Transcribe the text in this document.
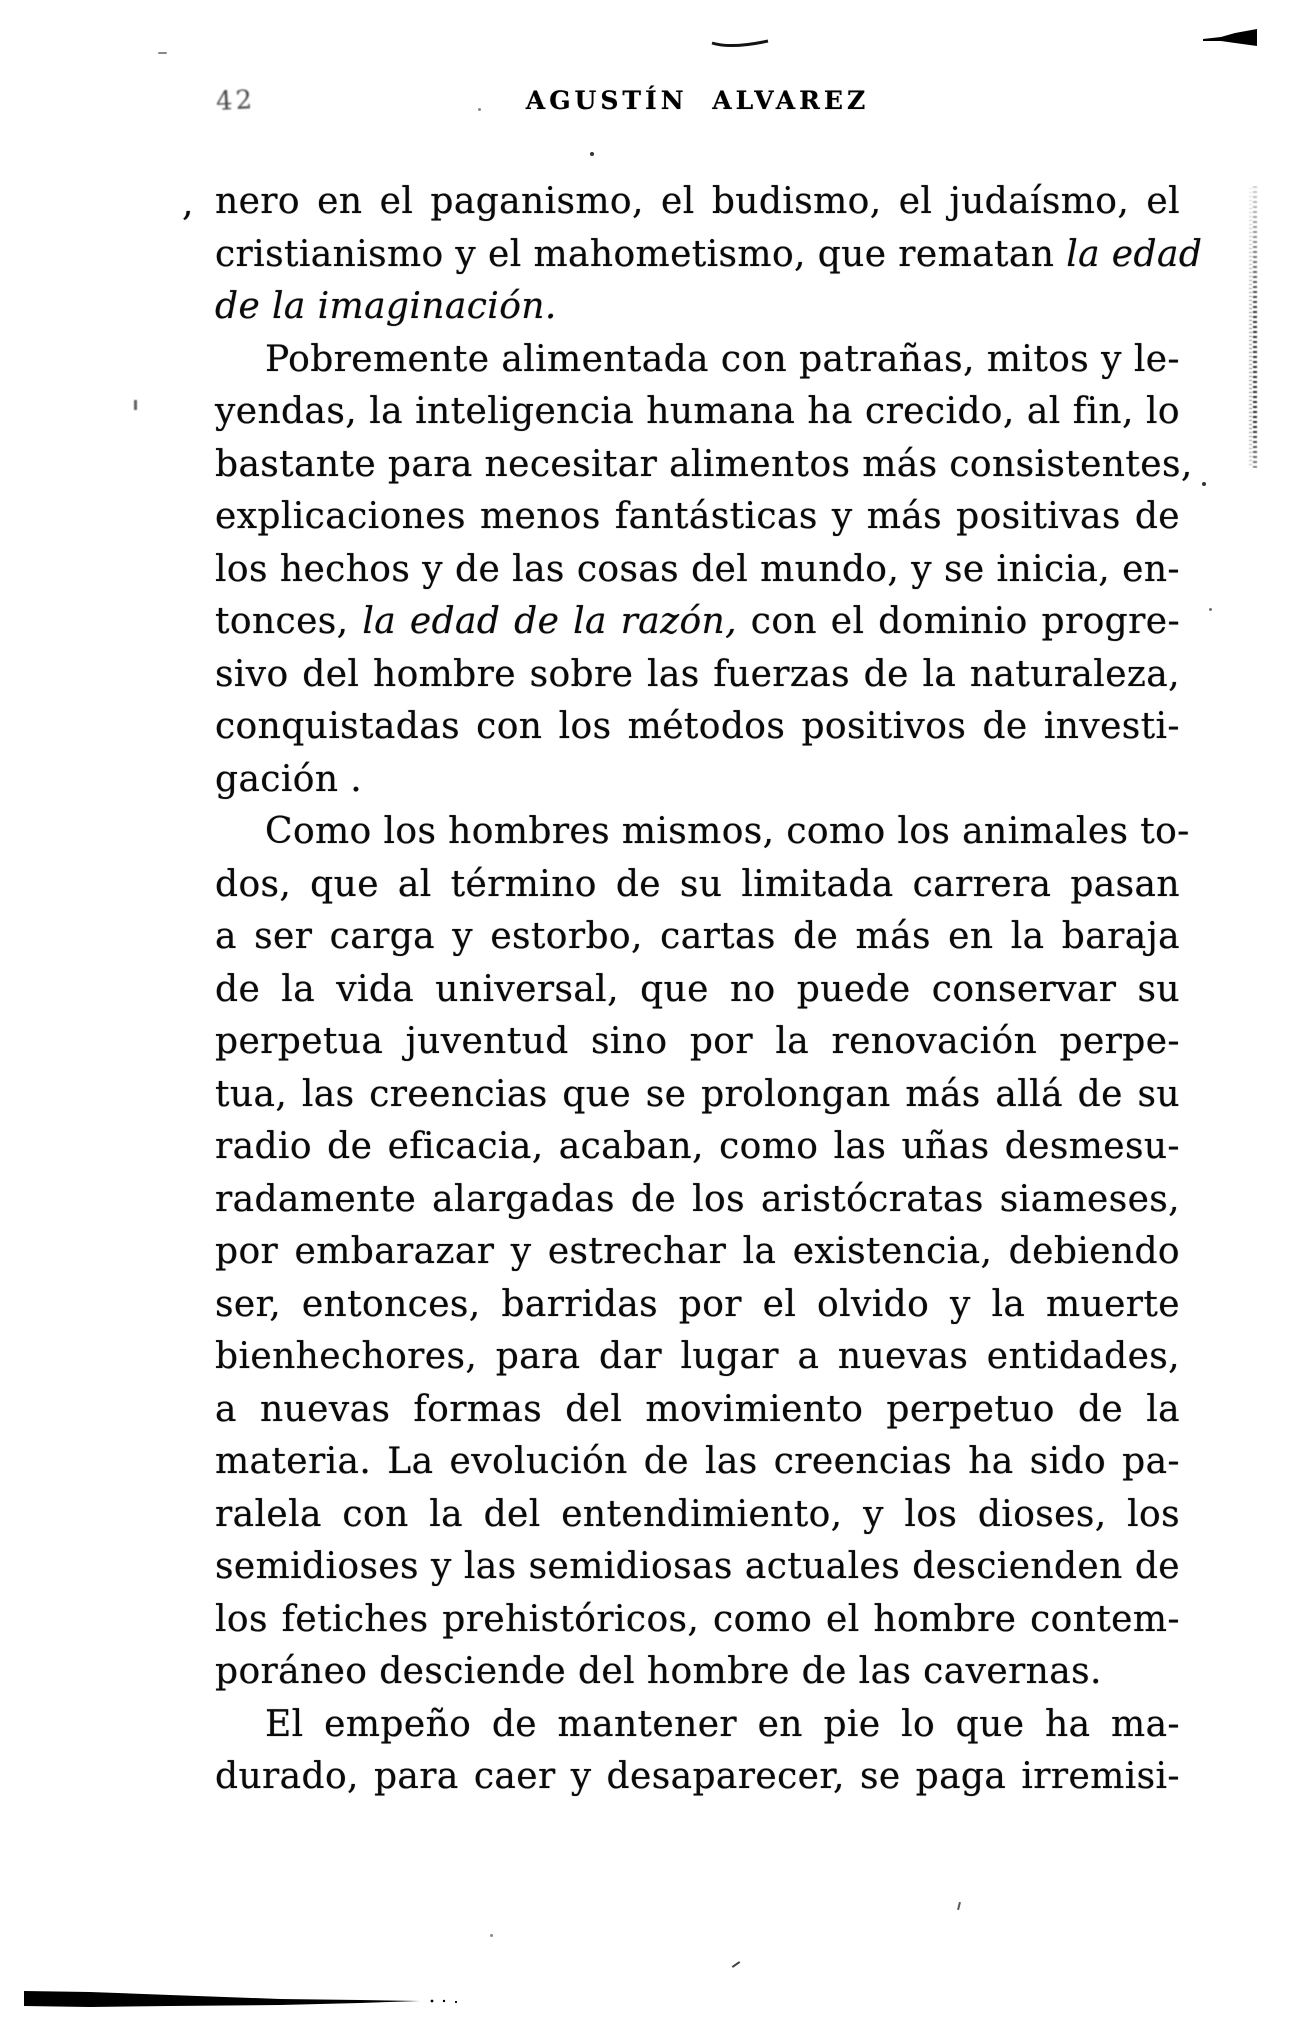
42	AGUSTÍN ALVAREZ
, nero en el paganismo, el budismo, el judaísmo, el
cristianismo y el mahometismo, que rematan la edad
de la imaginación.
Pobremente alimentada con patrañas, mitos y le-
yendas, la inteligencia humana ha crecido, al fin, lo
bastante para necesitar alimentos más consistentes,
explicaciones menos fantásticas y más positivas de
los hechos y de las cosas del mundo, y se inicia, en-
tonces, la edad de la razón, con el dominio progre-
sivo del hombre sobre las fuerzas de la naturaleza,
conquistadas con los métodos positivos de investi-
gación .
Como los hombres mismos, como los animales to-
dos, que al término de su limitada carrera pasan
a ser carga y estorbo, cartas de más en la baraja
de la vida universal, que no puede conservar su
perpetua juventud sino por la renovación perpe-
tua, las creencias que se prolongan más allá de su
radio de eficacia, acaban, como las uñas desmesu-
radamente alargadas de los aristócratas siameses,
por embarazar y estrechar la existencia, debiendo
ser, entonces, barridas por el olvido y la muerte
bienhechores, para dar lugar a nuevas entidades,
a nuevas formas del movimiento perpetuo de la
materia. La evolución de las creencias ha sido pa-
ralela con la del entendimiento, y los dioses, los
semidioses y las semidiosas actuales descienden de
los fetiches prehistóricos, como el hombre contem-
poráneo desciende del hombre de las cavernas.
El empeño de mantener en pie lo que ha ma-
durado, para caer y desaparecer, se paga irremisi-
